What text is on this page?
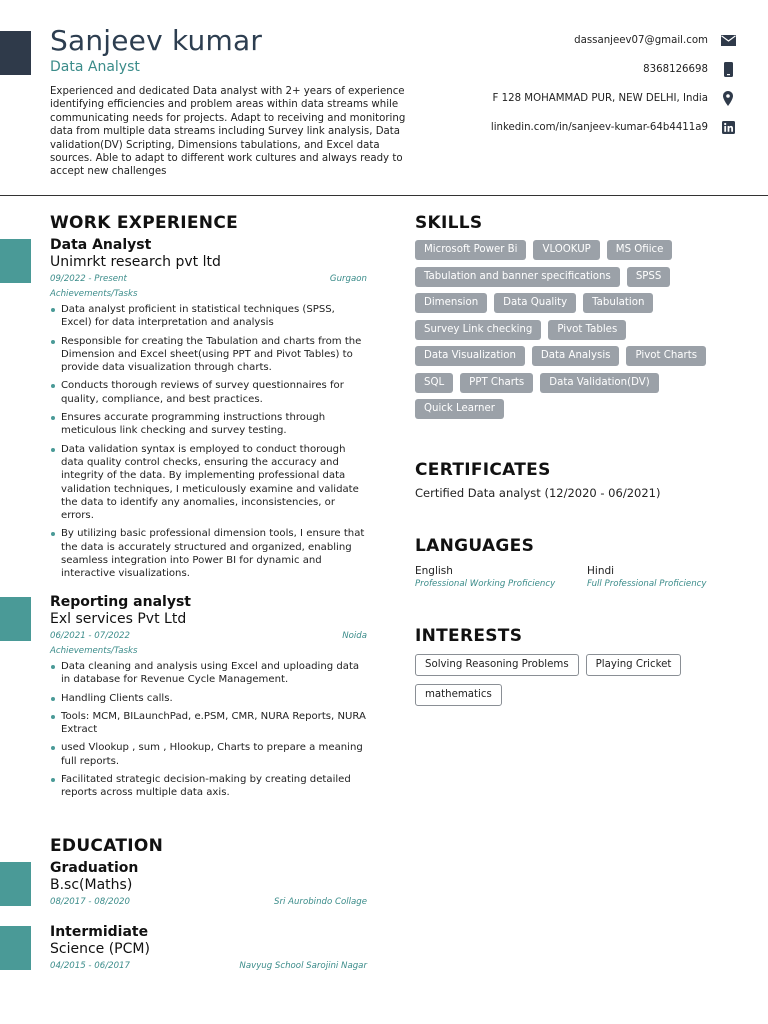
Sanjeev kumar
Data Analyst
Experienced and dedicated Data analyst with 2+ years of experience identifying efficiencies and problem areas within data streams while communicating needs for projects. Adapt to receiving and monitoring data from multiple data streams including Survey link analysis, Data validation(DV) Scripting, Dimensions tabulations, and Excel data sources. Able to adapt to different work cultures and always ready to accept new challenges
dassanjeev07@gmail.com
8368126698
F 128 MOHAMMAD PUR, NEW DELHI, India
linkedin.com/in/sanjeev-kumar-64b4411a9
WORK EXPERIENCE
Data Analyst
Unimrkt research pvt ltd
09/2022 - Present	Gurgaon
Achievements/Tasks
Data analyst proficient in statistical techniques (SPSS, Excel) for data interpretation and analysis
Responsible for creating the Tabulation and charts from the Dimension and Excel sheet(using PPT and Pivot Tables) to provide data visualization through charts.
Conducts thorough reviews of survey questionnaires for quality, compliance, and best practices.
Ensures accurate programming instructions through meticulous link checking and survey testing.
Data validation syntax is employed to conduct thorough data quality control checks, ensuring the accuracy and integrity of the data. By implementing professional data validation techniques, I meticulously examine and validate the data to identify any anomalies, inconsistencies, or errors.
By utilizing basic professional dimension tools, I ensure that the data is accurately structured and organized, enabling seamless integration into Power BI for dynamic and interactive visualizations.
Reporting analyst
Exl services Pvt Ltd
06/2021 - 07/2022	Noida
Achievements/Tasks
Data cleaning and analysis using Excel and uploading data in database for Revenue Cycle Management.
Handling Clients calls.
Tools: MCM, BILaunchPad, e.PSM, CMR, NURA Reports, NURA Extract
used Vlookup , sum , Hlookup, Charts to prepare a meaning full reports.
Facilitated strategic decision-making by creating detailed reports across multiple data axis.
EDUCATION
Graduation
B.sc(Maths)
08/2017 - 08/2020	Sri Aurobindo Collage
Intermidiate
Science (PCM)
04/2015 - 06/2017	Navyug School Sarojini Nagar
SKILLS
Microsoft Power Bi	VLOOKUP	MS Ofiice
Tabulation and banner specifications	SPSS
Dimension	Data Quality	Tabulation
Survey Link checking	Pivot Tables
Data Visualization	Data Analysis	Pivot Charts
SQL	PPT Charts	Data Validation(DV)
Quick Learner
CERTIFICATES
Certified Data analyst (12/2020 - 06/2021)
LANGUAGES
English
Professional Working Proficiency
Hindi
Full Professional Proficiency
INTERESTS
Solving Reasoning Problems	Playing Cricket
mathematics
